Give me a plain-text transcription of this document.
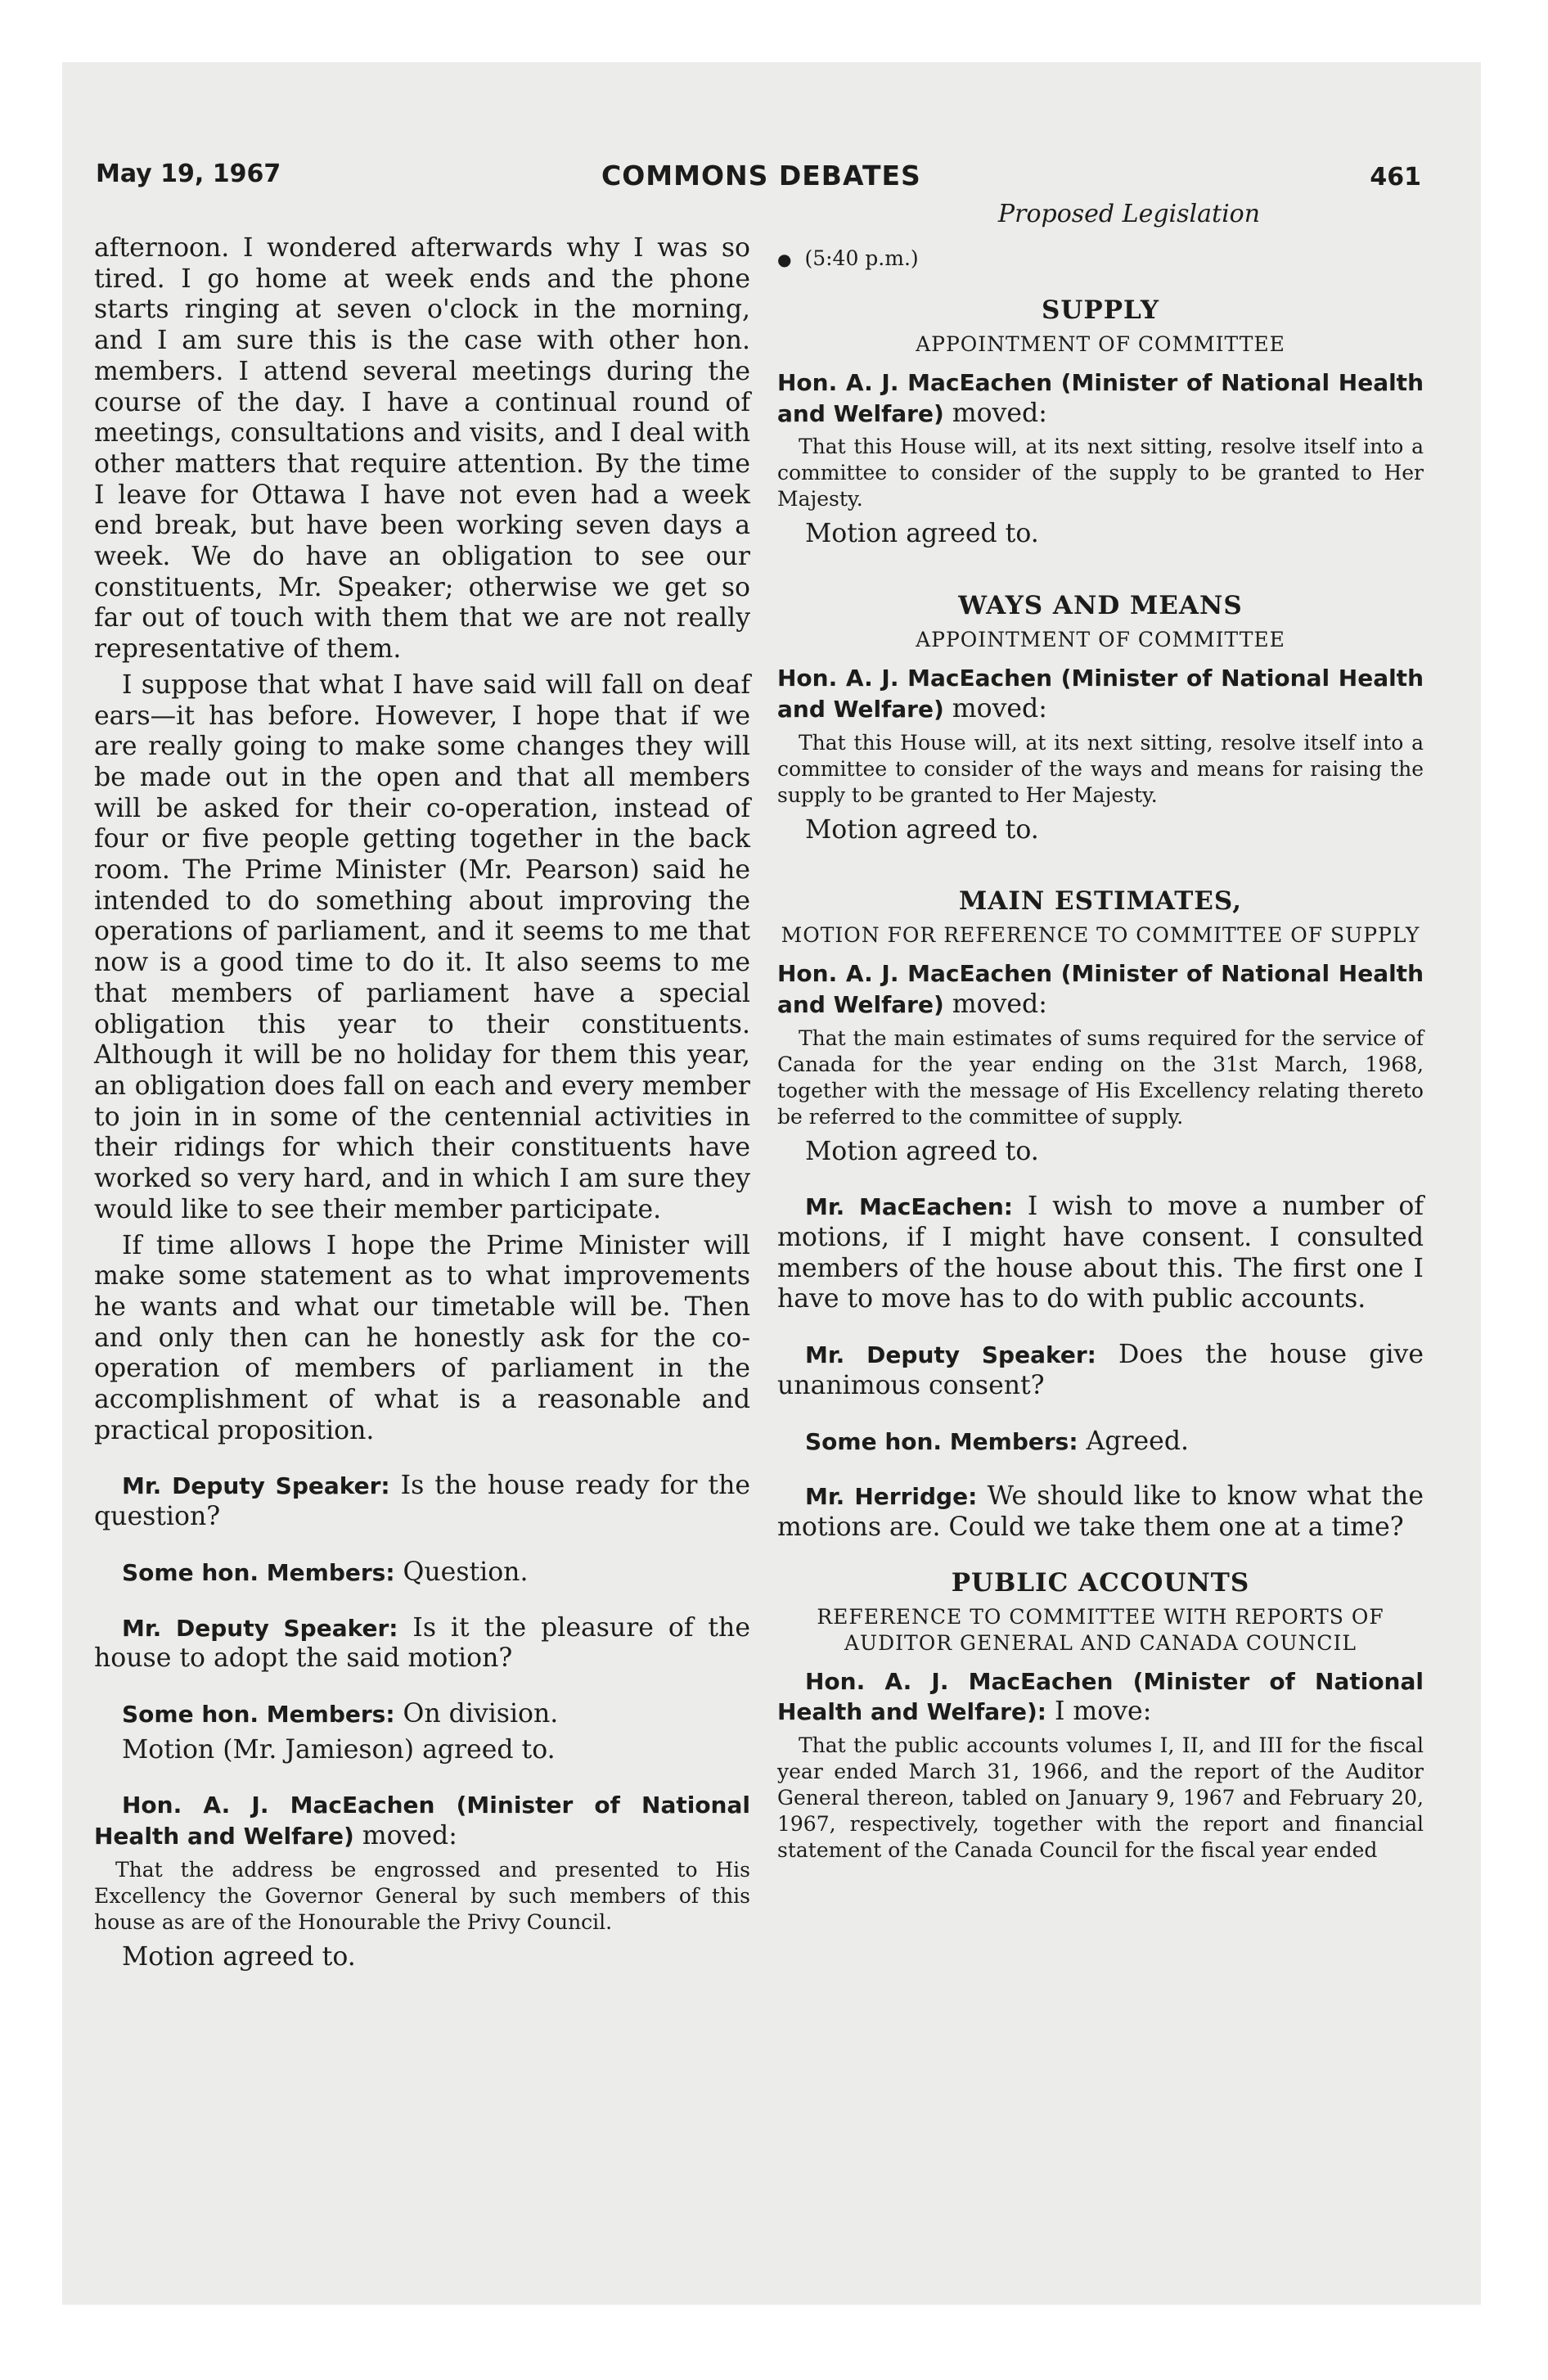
May 19, 1967	COMMONS DEBATES	461
Proposed Legislation

afternoon. I wondered afterwards why I was so tired. I go home at week ends and the phone starts ringing at seven o'clock in the morning, and I am sure this is the case with other hon. members. I attend several meetings during the course of the day. I have a continual round of meetings, consultations and visits, and I deal with other matters that require attention. By the time I leave for Ottawa I have not even had a week end break, but have been working seven days a week. We do have an obligation to see our constituents, Mr. Speaker; otherwise we get so far out of touch with them that we are not really representative of them.

I suppose that what I have said will fall on deaf ears—it has before. However, I hope that if we are really going to make some changes they will be made out in the open and that all members will be asked for their co-operation, instead of four or five people getting together in the back room. The Prime Minister (Mr. Pearson) said he intended to do something about improving the operations of parliament, and it seems to me that now is a good time to do it. It also seems to me that members of parliament have a special obligation this year to their constituents. Although it will be no holiday for them this year, an obligation does fall on each and every member to join in in some of the centennial activities in their ridings for which their constituents have worked so very hard, and in which I am sure they would like to see their member participate.

If time allows I hope the Prime Minister will make some statement as to what improvements he wants and what our timetable will be. Then and only then can he honestly ask for the co-operation of members of parliament in the accomplishment of what is a reasonable and practical proposition.

Mr. Deputy Speaker: Is the house ready for the question?

Some hon. Members: Question.

Mr. Deputy Speaker: Is it the pleasure of the house to adopt the said motion?

Some hon. Members: On division.

Motion (Mr. Jamieson) agreed to.

Hon. A. J. MacEachen (Minister of National Health and Welfare) moved:

That the address be engrossed and presented to His Excellency the Governor General by such members of this house as are of the Honourable the Privy Council.

Motion agreed to.

● (5:40 p.m.)

SUPPLY

APPOINTMENT OF COMMITTEE

Hon. A. J. MacEachen (Minister of National Health and Welfare) moved:

That this House will, at its next sitting, resolve itself into a committee to consider of the supply to be granted to Her Majesty.

Motion agreed to.

WAYS AND MEANS

APPOINTMENT OF COMMITTEE

Hon. A. J. MacEachen (Minister of National Health and Welfare) moved:

That this House will, at its next sitting, resolve itself into a committee to consider of the ways and means for raising the supply to be granted to Her Majesty.

Motion agreed to.

MAIN ESTIMATES,

MOTION FOR REFERENCE TO COMMITTEE OF SUPPLY

Hon. A. J. MacEachen (Minister of National Health and Welfare) moved:

That the main estimates of sums required for the service of Canada for the year ending on the 31st March, 1968, together with the message of His Excellency relating thereto be referred to the committee of supply.

Motion agreed to.

Mr. MacEachen: I wish to move a number of motions, if I might have consent. I consulted members of the house about this. The first one I have to move has to do with public accounts.

Mr. Deputy Speaker: Does the house give unanimous consent?

Some hon. Members: Agreed.

Mr. Herridge: We should like to know what the motions are. Could we take them one at a time?

PUBLIC ACCOUNTS

REFERENCE TO COMMITTEE WITH REPORTS OF AUDITOR GENERAL AND CANADA COUNCIL

Hon. A. J. MacEachen (Minister of National Health and Welfare): I move:

That the public accounts volumes I, II, and III for the fiscal year ended March 31, 1966, and the report of the Auditor General thereon, tabled on January 9, 1967 and February 20, 1967, respectively, together with the report and financial statement of the Canada Council for the fiscal year ended
